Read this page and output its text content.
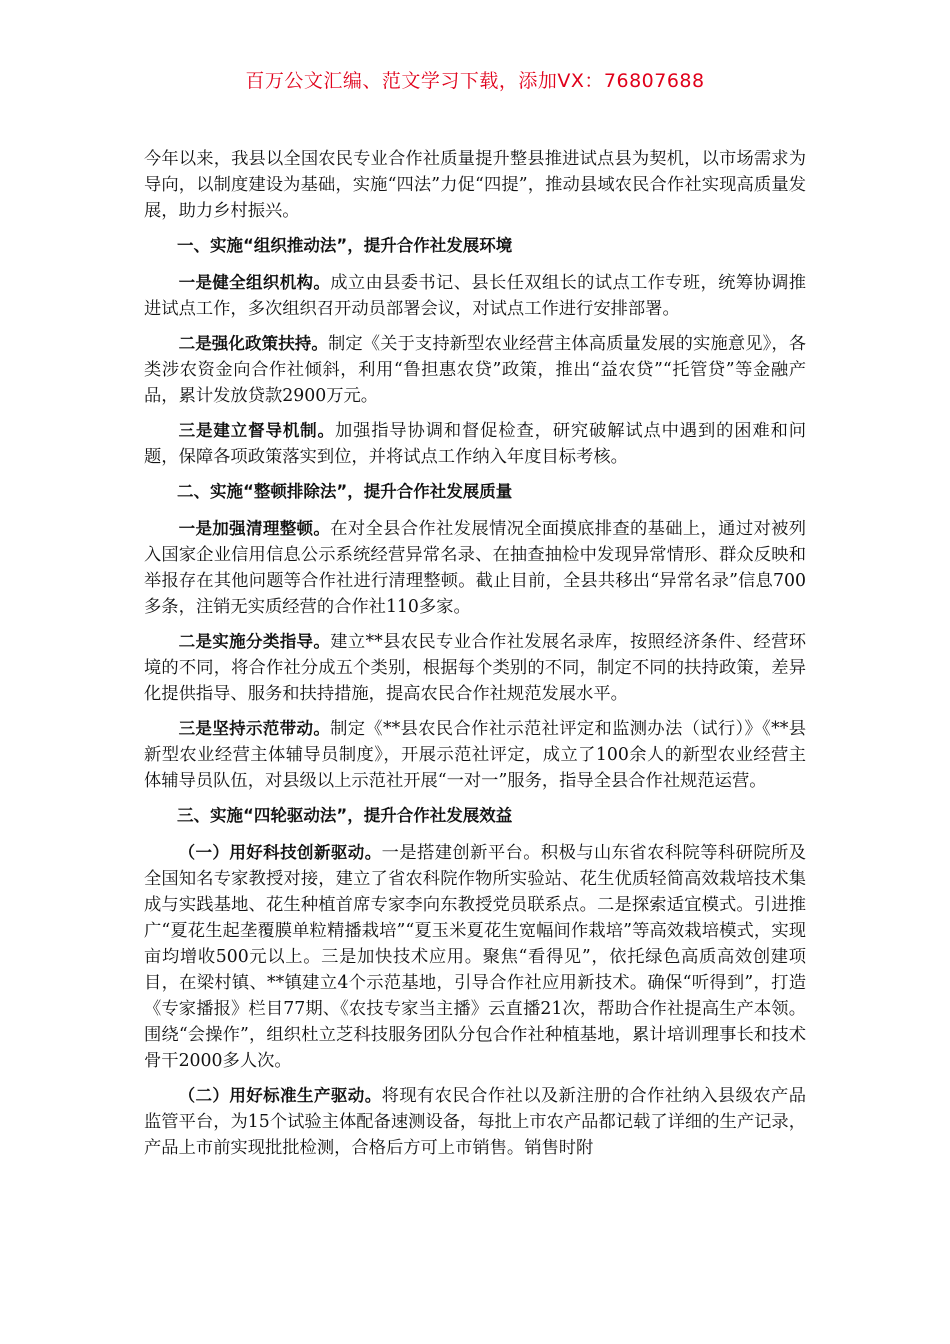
百万公文汇编、范文学习下载，添加VX：76807688

今年以来，我县以全国农民专业合作社质量提升整县推进试点县为契机，以市场需求为导向，以制度建设为基础，实施“四法”力促“四提”，推动县域农民合作社实现高质量发展，助力乡村振兴。

一、实施“组织推动法”，提升合作社发展环境

一是健全组织机构。成立由县委书记、县长任双组长的试点工作专班，统筹协调推进试点工作，多次组织召开动员部署会议，对试点工作进行安排部署。

二是强化政策扶持。制定《关于支持新型农业经营主体高质量发展的实施意见》，各类涉农资金向合作社倾斜，利用“鲁担惠农贷”政策，推出“益农贷”“托管贷”等金融产品，累计发放贷款2900万元。

三是建立督导机制。加强指导协调和督促检查，研究破解试点中遇到的困难和问题，保障各项政策落实到位，并将试点工作纳入年度目标考核。

二、实施“整顿排除法”，提升合作社发展质量

一是加强清理整顿。在对全县合作社发展情况全面摸底排查的基础上，通过对被列入国家企业信用信息公示系统经营异常名录、在抽查抽检中发现异常情形、群众反映和举报存在其他问题等合作社进行清理整顿。截止目前，全县共移出“异常名录”信息700多条，注销无实质经营的合作社110多家。

二是实施分类指导。建立**县农民专业合作社发展名录库，按照经济条件、经营环境的不同，将合作社分成五个类别，根据每个类别的不同，制定不同的扶持政策，差异化提供指导、服务和扶持措施，提高农民合作社规范发展水平。

三是坚持示范带动。制定《**县农民合作社示范社评定和监测办法（试行）》《**县新型农业经营主体辅导员制度》，开展示范社评定，成立了100余人的新型农业经营主体辅导员队伍，对县级以上示范社开展“一对一”服务，指导全县合作社规范运营。

三、实施“四轮驱动法”，提升合作社发展效益

（一）用好科技创新驱动。一是搭建创新平台。积极与山东省农科院等科研院所及全国知名专家教授对接，建立了省农科院作物所实验站、花生优质轻简高效栽培技术集成与实践基地、花生种植首席专家李向东教授党员联系点。二是探索适宜模式。引进推广“夏花生起垄覆膜单粒精播栽培”“夏玉米夏花生宽幅间作栽培”等高效栽培模式，实现亩均增收500元以上。三是加快技术应用。聚焦“看得见”，依托绿色高质高效创建项目，在梁村镇、**镇建立4个示范基地，引导合作社应用新技术。确保“听得到”，打造《专家播报》栏目77期、《农技专家当主播》云直播21次，帮助合作社提高生产本领。围绕“会操作”，组织杜立芝科技服务团队分包合作社种植基地，累计培训理事长和技术骨干2000多人次。

（二）用好标准生产驱动。将现有农民合作社以及新注册的合作社纳入县级农产品监管平台，为15个试验主体配备速测设备，每批上市农产品都记载了详细的生产记录，产品上市前实现批批检测，合格后方可上市销售。销售时附
